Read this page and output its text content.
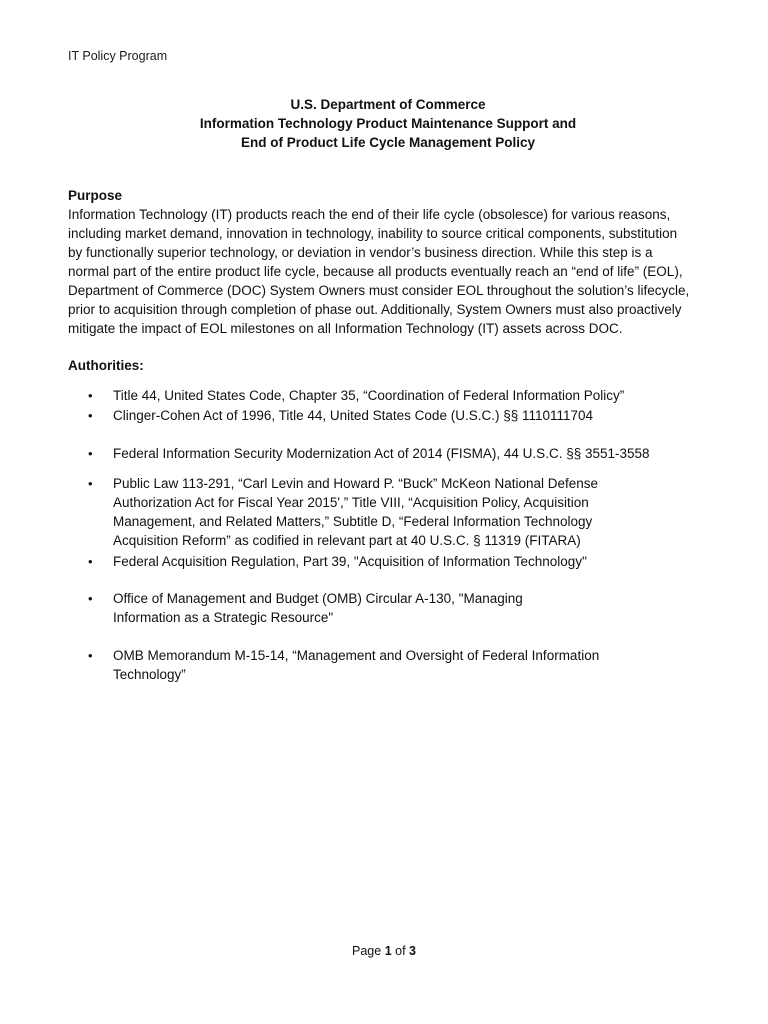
IT Policy Program
U.S. Department of Commerce
Information Technology Product Maintenance Support and
End of Product Life Cycle Management Policy
Purpose
Information Technology (IT) products reach the end of their life cycle (obsolesce) for various reasons,
including market demand, innovation in technology, inability to source critical components, substitution
by functionally superior technology, or deviation in vendor’s business direction. While this step is a
normal part of the entire product life cycle, because all products eventually reach an “end of life” (EOL),
Department of Commerce (DOC) System Owners must consider EOL throughout the solution’s lifecycle,
prior to acquisition through completion of phase out. Additionally, System Owners must also proactively
mitigate the impact of EOL milestones on all Information Technology (IT) assets across DOC.
Authorities:
•	Title 44, United States Code, Chapter 35, “Coordination of Federal Information Policy”
•	Clinger-Cohen Act of 1996, Title 44, United States Code (U.S.C.) §§ 1110111704
•	Federal Information Security Modernization Act of 2014 (FISMA), 44 U.S.C. §§ 3551-3558
•	Public Law 113-291, “Carl Levin and Howard P. “Buck” McKeon National Defense
Authorization Act for Fiscal Year 2015',” Title VIII, “Acquisition Policy, Acquisition
Management, and Related Matters,” Subtitle D, “Federal Information Technology
Acquisition Reform” as codified in relevant part at 40 U.S.C. § 11319 (FITARA)
•	Federal Acquisition Regulation, Part 39, "Acquisition of Information Technology"
•	Office of Management and Budget (OMB) Circular A-130, "Managing
Information as a Strategic Resource"
•	OMB Memorandum M-15-14, “Management and Oversight of Federal Information
Technology”
Page 1 of 3
